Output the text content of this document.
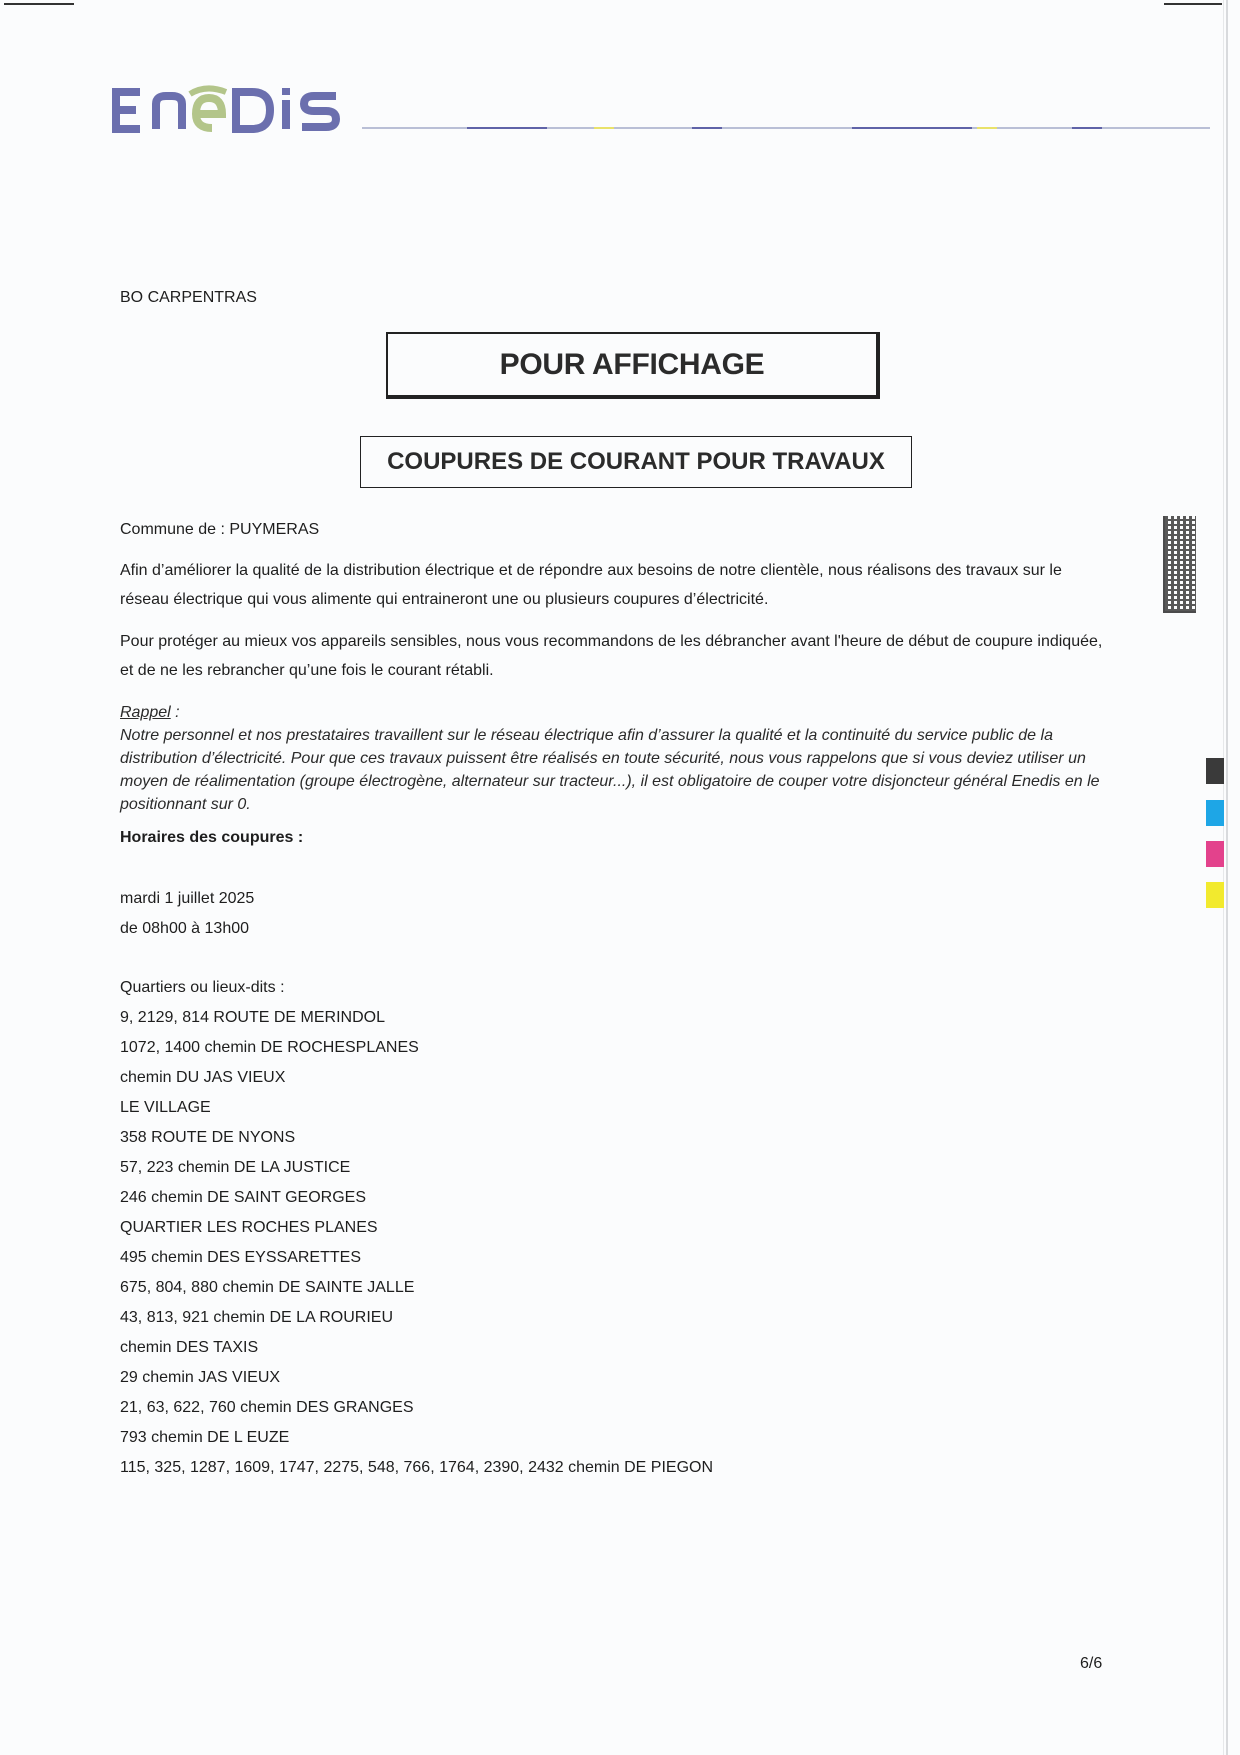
BO CARPENTRAS
POUR AFFICHAGE
COUPURES DE COURANT POUR TRAVAUX
Commune de : PUYMERAS
Afin d’améliorer la qualité de la distribution électrique et de répondre aux besoins de notre clientèle, nous réalisons des travaux sur le réseau électrique qui vous alimente qui entraineront une ou plusieurs coupures d’électricité.
Pour protéger au mieux vos appareils sensibles, nous vous recommandons de les débrancher avant l'heure de début de coupure indiquée, et de ne les rebrancher qu’une fois le courant rétabli.
Rappel :
Notre personnel et nos prestataires travaillent sur le réseau électrique afin d’assurer la qualité et la continuité du service public de la distribution d’électricité. Pour que ces travaux puissent être réalisés en toute sécurité, nous vous rappelons que si vous deviez utiliser un moyen de réalimentation (groupe électrogène, alternateur sur tracteur...), il est obligatoire de couper votre disjoncteur général Enedis en le positionnant sur 0.
Horaires des coupures :
mardi 1 juillet 2025
de 08h00 à 13h00
Quartiers ou lieux-dits :
9, 2129, 814 ROUTE DE MERINDOL
1072, 1400 chemin DE ROCHESPLANES
chemin DU JAS VIEUX
LE VILLAGE
358 ROUTE DE NYONS
57, 223 chemin DE LA JUSTICE
246 chemin DE SAINT GEORGES
QUARTIER LES ROCHES PLANES
495 chemin DES EYSSARETTES
675, 804, 880 chemin DE SAINTE JALLE
43, 813, 921 chemin DE LA ROURIEU
chemin DES TAXIS
29 chemin JAS VIEUX
21, 63, 622, 760 chemin DES GRANGES
793 chemin DE L EUZE
115, 325, 1287, 1609, 1747, 2275, 548, 766, 1764, 2390, 2432 chemin DE PIEGON
6/6
